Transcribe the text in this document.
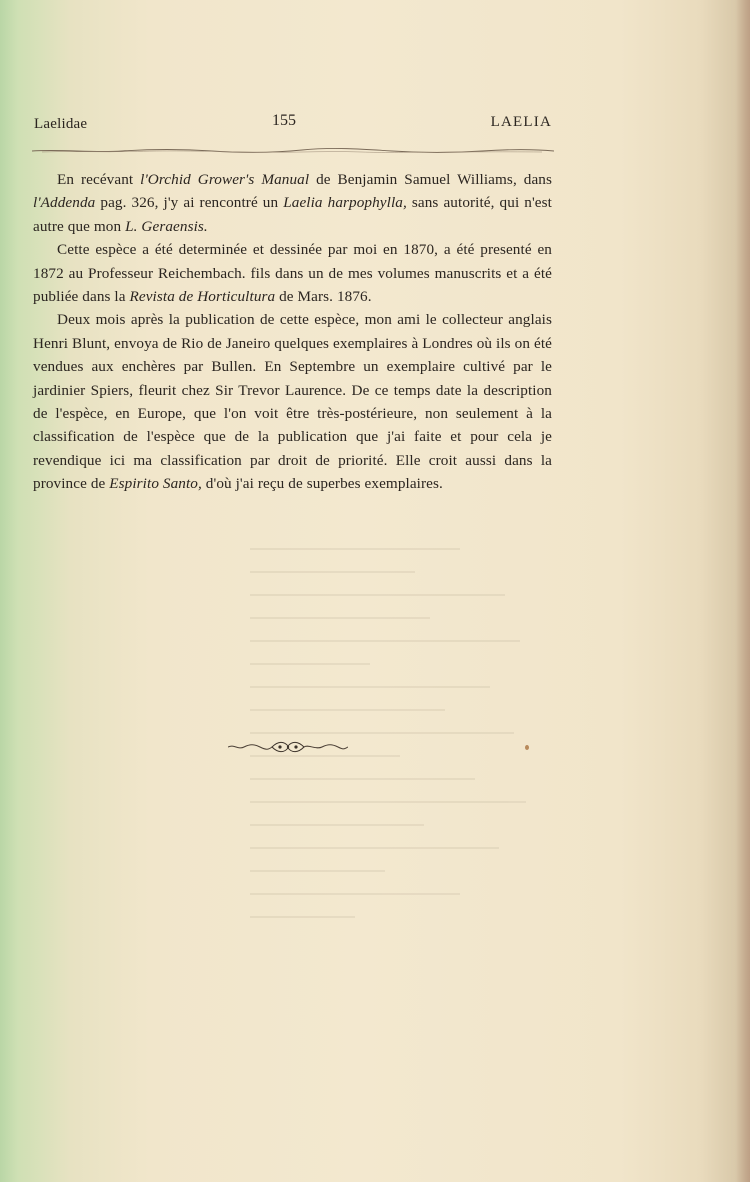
Laelidae	155	LAELIA

En recévant l'Orchid Grower's Manual de Benjamin Samuel Williams, dans l'Addenda pag. 326, j'y ai rencontré un Laelia harpophylla, sans autorité, qui n'est autre que mon L. Geraensis.

Cette espèce a été determinée et dessinée par moi en 1870, a été presenté en 1872 au Professeur Reichembach. fils dans un de mes volumes manuscrits et a été publiée dans la Revista de Horticultura de Mars. 1876.

Deux mois après la publication de cette espèce, mon ami le collecteur anglais Henri Blunt, envoya de Rio de Janeiro quelques exemplaires à Londres où ils on été vendues aux enchères par Bullen. En Septembre un exemplaire cultivé par le jardinier Spiers, fleurit chez Sir Trevor Laurence. De ce temps date la description de l'espèce, en Europe, que l'on voit être très-postérieure, non seulement à la classification de l'espèce que de la publication que j'ai faite et pour cela je revendique ici ma classification par droit de priorité. Elle croit aussi dans la province de Espirito Santo, d'où j'ai reçu de superbes exemplaires.
